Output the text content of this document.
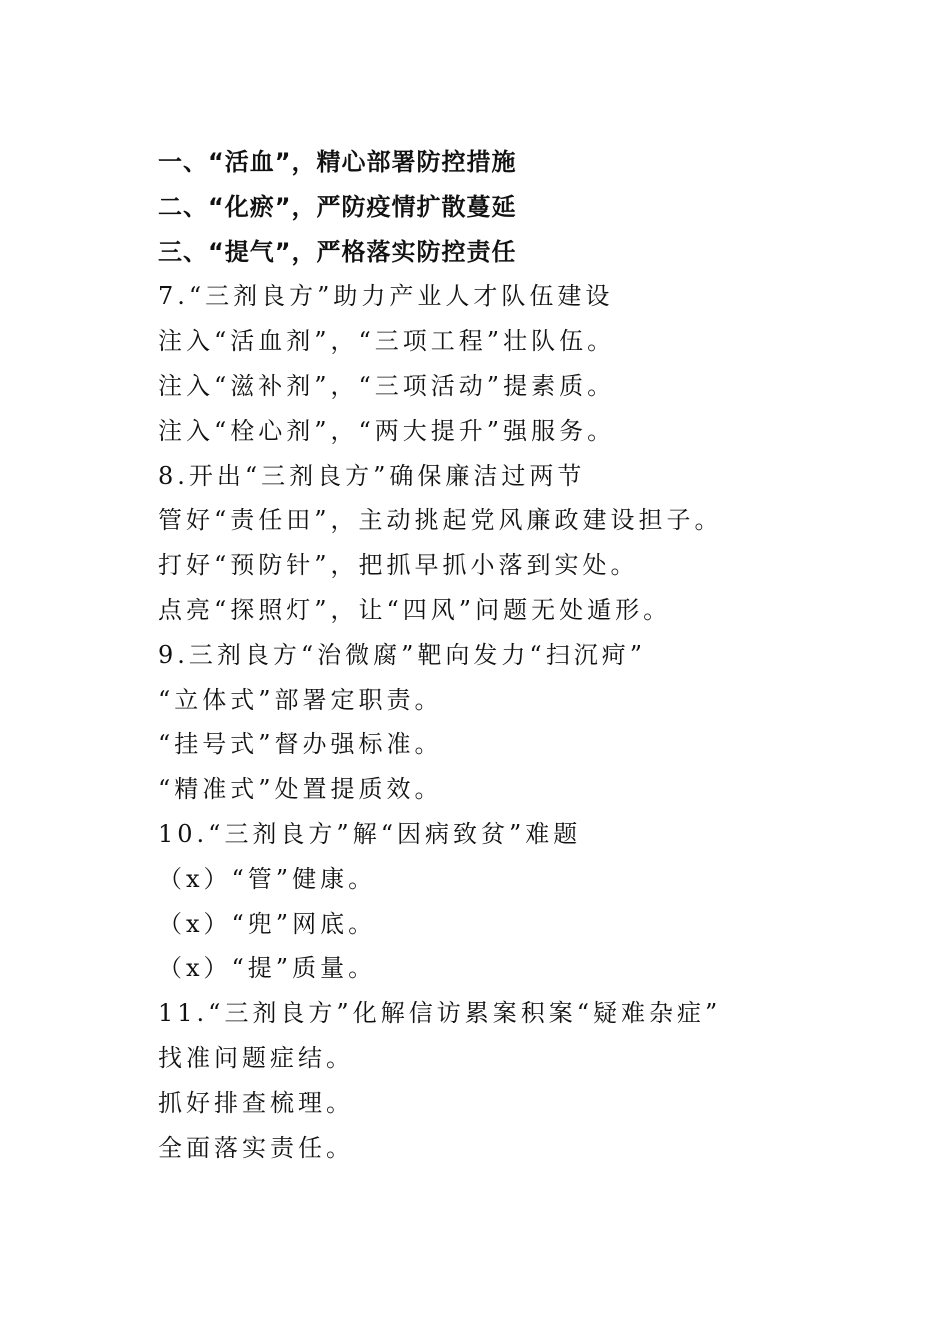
一、“活血”，精心部署防控措施
二、“化瘀”，严防疫情扩散蔓延
三、“提气”，严格落实防控责任
7.“三剂良方”助力产业人才队伍建设
注入“活血剂”，“三项工程”壮队伍。
注入“滋补剂”，“三项活动”提素质。
注入“栓心剂”，“两大提升”强服务。
8.开出“三剂良方”确保廉洁过两节
管好“责任田”，主动挑起党风廉政建设担子。
打好“预防针”，把抓早抓小落到实处。
点亮“探照灯”，让“四风”问题无处遁形。
9.三剂良方“治微腐”靶向发力“扫沉疴”
“立体式”部署定职责。
“挂号式”督办强标准。
“精准式”处置提质效。
10.“三剂良方”解“因病致贫”难题
（x）“管”健康。
（x）“兜”网底。
（x）“提”质量。
11.“三剂良方”化解信访累案积案“疑难杂症”
找准问题症结。
抓好排查梳理。
全面落实责任。
